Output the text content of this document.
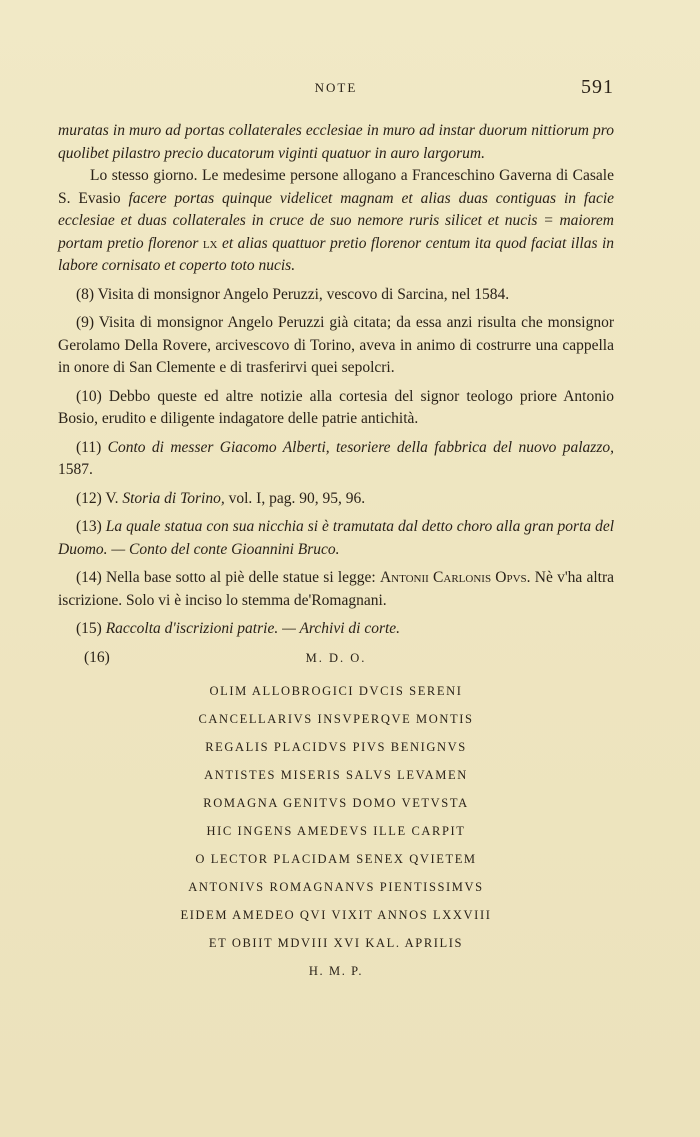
NOTE	591

muratas in muro ad portas collaterales ecclesiae in muro ad instar duorum nittiorum pro quolibet pilastro precio ducatorum viginti quatuor in auro largorum.

Lo stesso giorno. Le medesime persone allogano a Franceschino Gaverna di Casale S. Evasio facere portas quinque videlicet magnam et alias duas contiguas in facie ecclesiae et duas collaterales in cruce de suo nemore ruris silicet et nucis = maiorem portam pretio florenor lx et alias quattuor pretio florenor centum ita quod faciat illas in labore cornisato et coperto toto nucis.

(8) Visita di monsignor Angelo Peruzzi, vescovo di Sarcina, nel 1584.

(9) Visita di monsignor Angelo Peruzzi già citata; da essa anzi risulta che monsignor Gerolamo Della Rovere, arcivescovo di Torino, aveva in animo di costrurre una cappella in onore di San Clemente e di trasferirvi quei sepolcri.

(10) Debbo queste ed altre notizie alla cortesia del signor teologo priore Antonio Bosio, erudito e diligente indagatore delle patrie antichità.

(11) Conto di messer Giacomo Alberti, tesoriere della fabbrica del nuovo palazzo, 1587.

(12) V. Storia di Torino, vol. I, pag. 90, 95, 96.

(13) La quale statua con sua nicchia si è tramutata dal detto choro alla gran porta del Duomo. — Conto del conte Gioannini Bruco.

(14) Nella base sotto al piè delle statue si legge: Antonii Carlonis Opvs. Nè v'ha altra iscrizione. Solo vi è inciso lo stemma de'Romagnani.

(15) Raccolta d'iscrizioni patrie. — Archivi di corte.

(16)	M. D. O.
OLIM ALLOBROGICI DVCIS SERENI
CANCELLARIVS INSVPERQVE MONTIS
REGALIS PLACIDVS PIVS BENIGNVS
ANTISTES MISERIS SALVS LEVAMEN
ROMAGNA GENITVS DOMO VETVSTA
HIC INGENS AMEDEVS ILLE CARPIT
O LECTOR PLACIDAM SENEX QVIETEM
ANTONIVS ROMAGNANVS PIENTISSIMVS
EIDEM AMEDEO QVI VIXIT ANNOS LXXVIII
ET OBIIT MDVIII XVI KAL. APRILIS
H. M. P.
